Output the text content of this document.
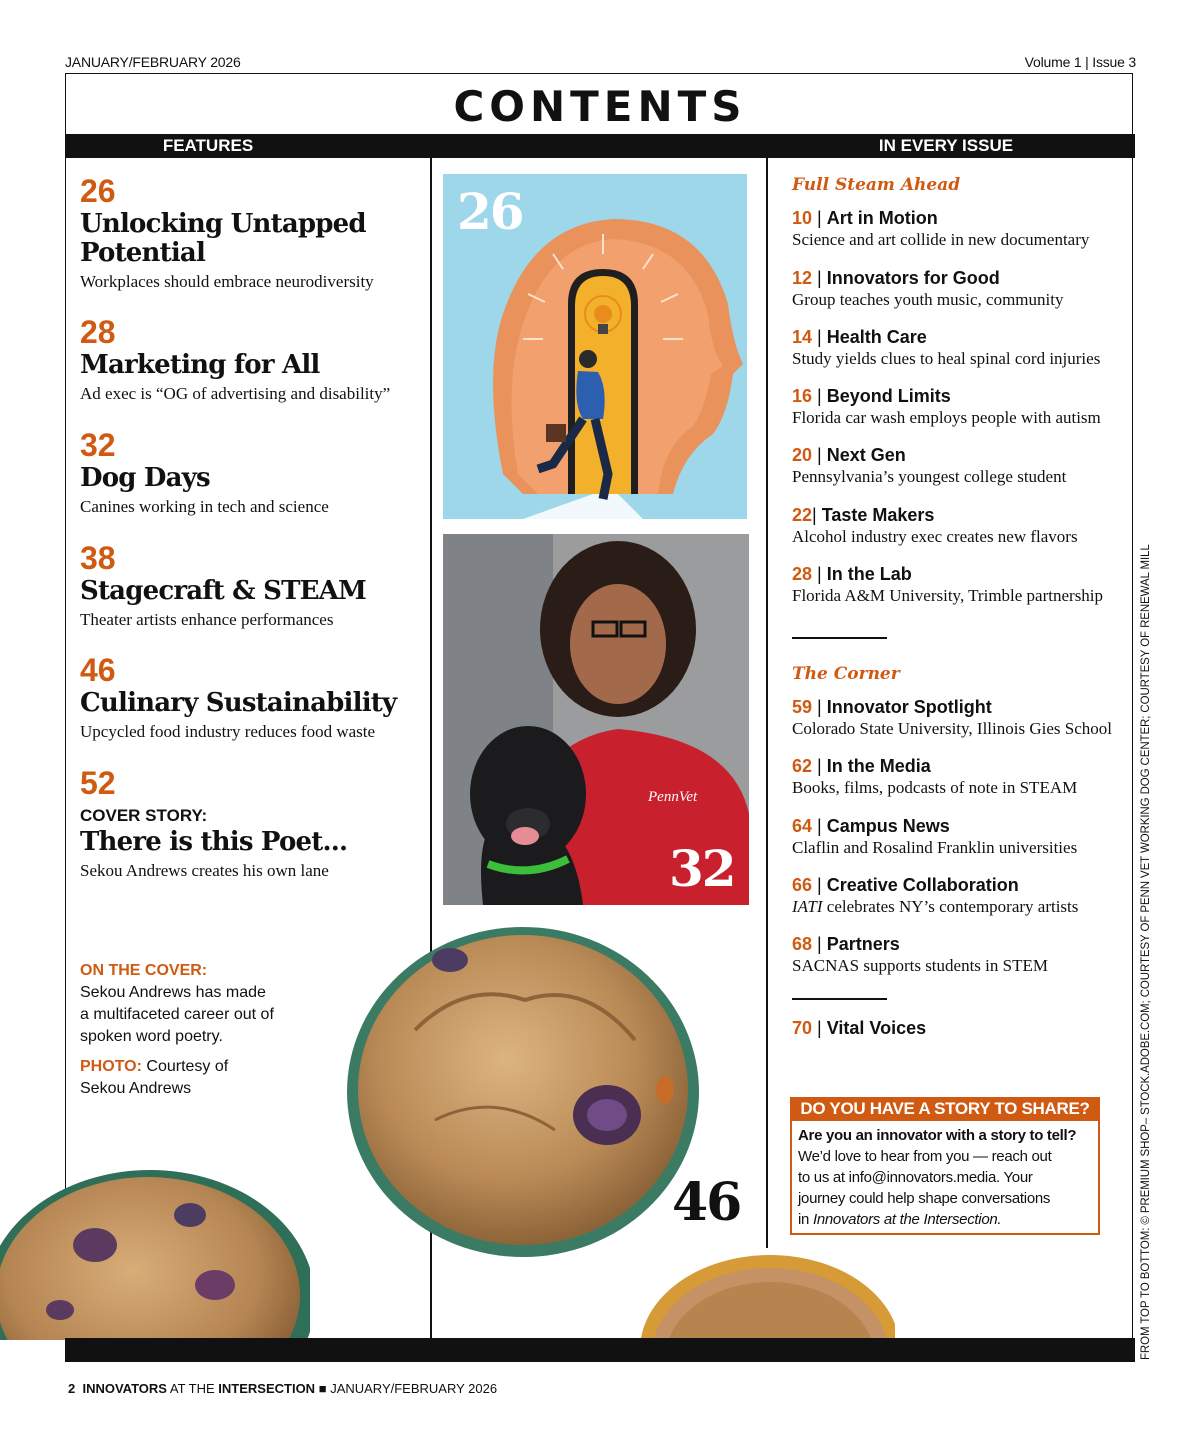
JANUARY/FEBRUARY 2026	Volume 1 | Issue 3
CONTENTS
FEATURES	IN EVERY ISSUE
26
PennVet
32
46
26
Unlocking Untapped
Potential
Workplaces should embrace neurodiversity
28
Marketing for All
Ad exec is “OG of advertising and disability”
32
Dog Days
Canines working in tech and science
38
Stagecraft & STEAM
Theater artists enhance performances
46
Culinary Sustainability
Upcycled food industry reduces food waste
52
COVER STORY:
There is this Poet...
Sekou Andrews creates his own lane
ON THE COVER:
Sekou Andrews has made
a multifaceted career out of
spoken word poetry.
PHOTO: Courtesy of
Sekou Andrews
Full Steam Ahead
10 | Art in Motion
Science and art collide in new documentary
12 | Innovators for Good
Group teaches youth music, community
14 | Health Care
Study yields clues to heal spinal cord injuries
16 | Beyond Limits
Florida car wash employs people with autism
20 | Next Gen
Pennsylvania’s youngest college student
22| Taste Makers
Alcohol industry exec creates new flavors
28 | In the Lab
Florida A&M University, Trimble partnership
The Corner
59 | Innovator Spotlight
Colorado State University, Illinois Gies School
62 | In the Media
Books, films, podcasts of note in STEAM
64 | Campus News
Claflin and Rosalind Franklin universities
66 | Creative Collaboration
IATI celebrates NY’s contemporary artists
68 | Partners
SACNAS supports students in STEM
70 | Vital Voices
DO YOU HAVE A STORY TO SHARE?
Are you an innovator with a story to tell?
We’d love to hear from you — reach out
to us at info@innovators.media. Your
journey could help shape conversations
in Innovators at the Intersection.	FROM TOP TO BOTTOM: © PREMIUM SHOP– STOCK.ADOBE.COM; COURTESY OF PENN VET WORKING DOG CENTER; COURTESY OF RENEWAL MILL
2 INNOVATORS AT THE INTERSECTION ■ JANUARY/FEBRUARY 2026
